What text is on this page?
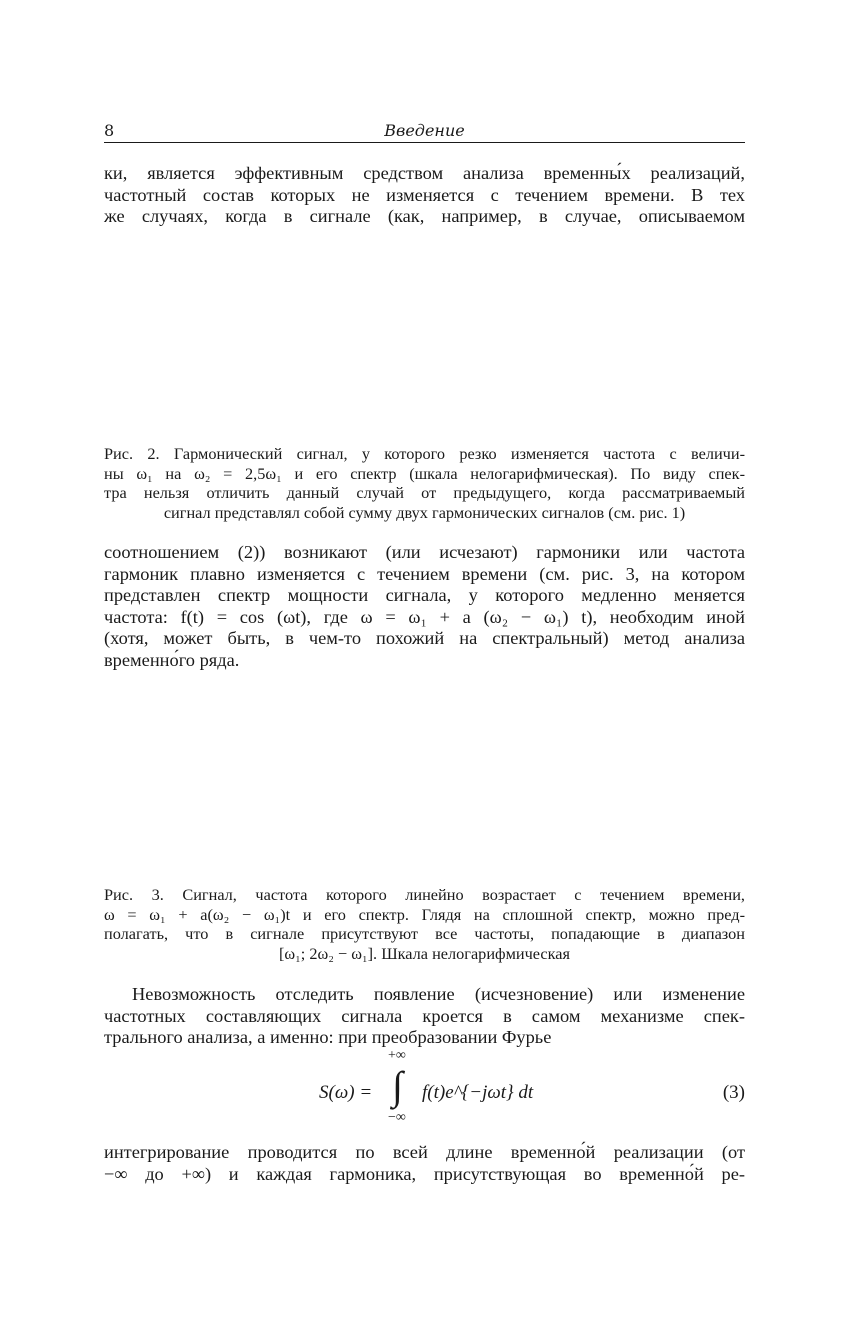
8	Введение
ки, является эффективным средством анализа временны́х реализаций,
частотный состав которых не изменяется с течением времени. В тех
же случаях, когда в сигнале (как, например, в случае, описываемом
Рис. 2. Гармонический сигнал, у которого резко изменяется частота с величи-
ны ω₁ на ω₂ = 2,5ω₁ и его спектр (шкала нелогарифмическая). По виду спек-
тра нельзя отличить данный случай от предыдущего, когда рассматриваемый
сигнал представлял собой сумму двух гармонических сигналов (см. рис. 1)
соотношением (2)) возникают (или исчезают) гармоники или частота
гармоник плавно изменяется с течением времени (см. рис. 3, на котором
представлен спектр мощности сигнала, у которого медленно меняется
частота: f(t) = cos (ωt), где ω = ω₁ + a (ω₂ − ω₁) t), необходим иной
(хотя, может быть, в чем-то похожий на спектральный) метод анализа
временно́го ряда.
Рис. 3. Сигнал, частота которого линейно возрастает с течением времени,
ω = ω₁ + a(ω₂ − ω₁)t и его спектр. Глядя на сплошной спектр, можно пред-
полагать, что в сигнале присутствуют все частоты, попадающие в диапазон
[ω₁; 2ω₂ − ω₁]. Шкала нелогарифмическая
Невозможность отследить появление (исчезновение) или изменение
частотных составляющих сигнала кроется в самом механизме спек-
трального анализа, а именно: при преобразовании Фурье
S(ω) =
+∞
∫
−∞
f(t)e^{−jωt} dt	(3)
интегрирование проводится по всей длине временно́й реализации (от
−∞ до +∞) и каждая гармоника, присутствующая во временно́й ре-
